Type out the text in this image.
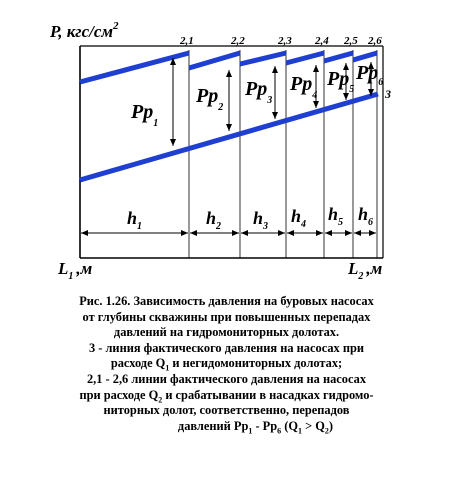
P, кгс/$см^2$
$L_1$ ,м	$L_2$ ,м
2,1	2,2	2,3 2,4 2,5 2,6
3
$Pp_1$
$Pp_2$
$Pp_3$
$Pp_4$
$Pp_5$
$Pp_6$
$h_1$	$h_2$ $h_3$
$h_4$
$h_5$ $h_6$
Рис. 1.26. Зависимость давления на буровых насосах
от глубины скважины при повышенных перепадах
давлений на гидромониторных долотах.
3 - линия фактического давления на насосах при
расходе $Q_1$ и негидомониторных долотах;
2,1 - 2,6 линии фактического давления на насосах
при расходе $Q_2$ и срабатывании в насадках гидромо-
ниторных долот, соответственно, перепадов
давлений $Pp_1 - Pp_6$ $(Q_1 > Q_2)$
